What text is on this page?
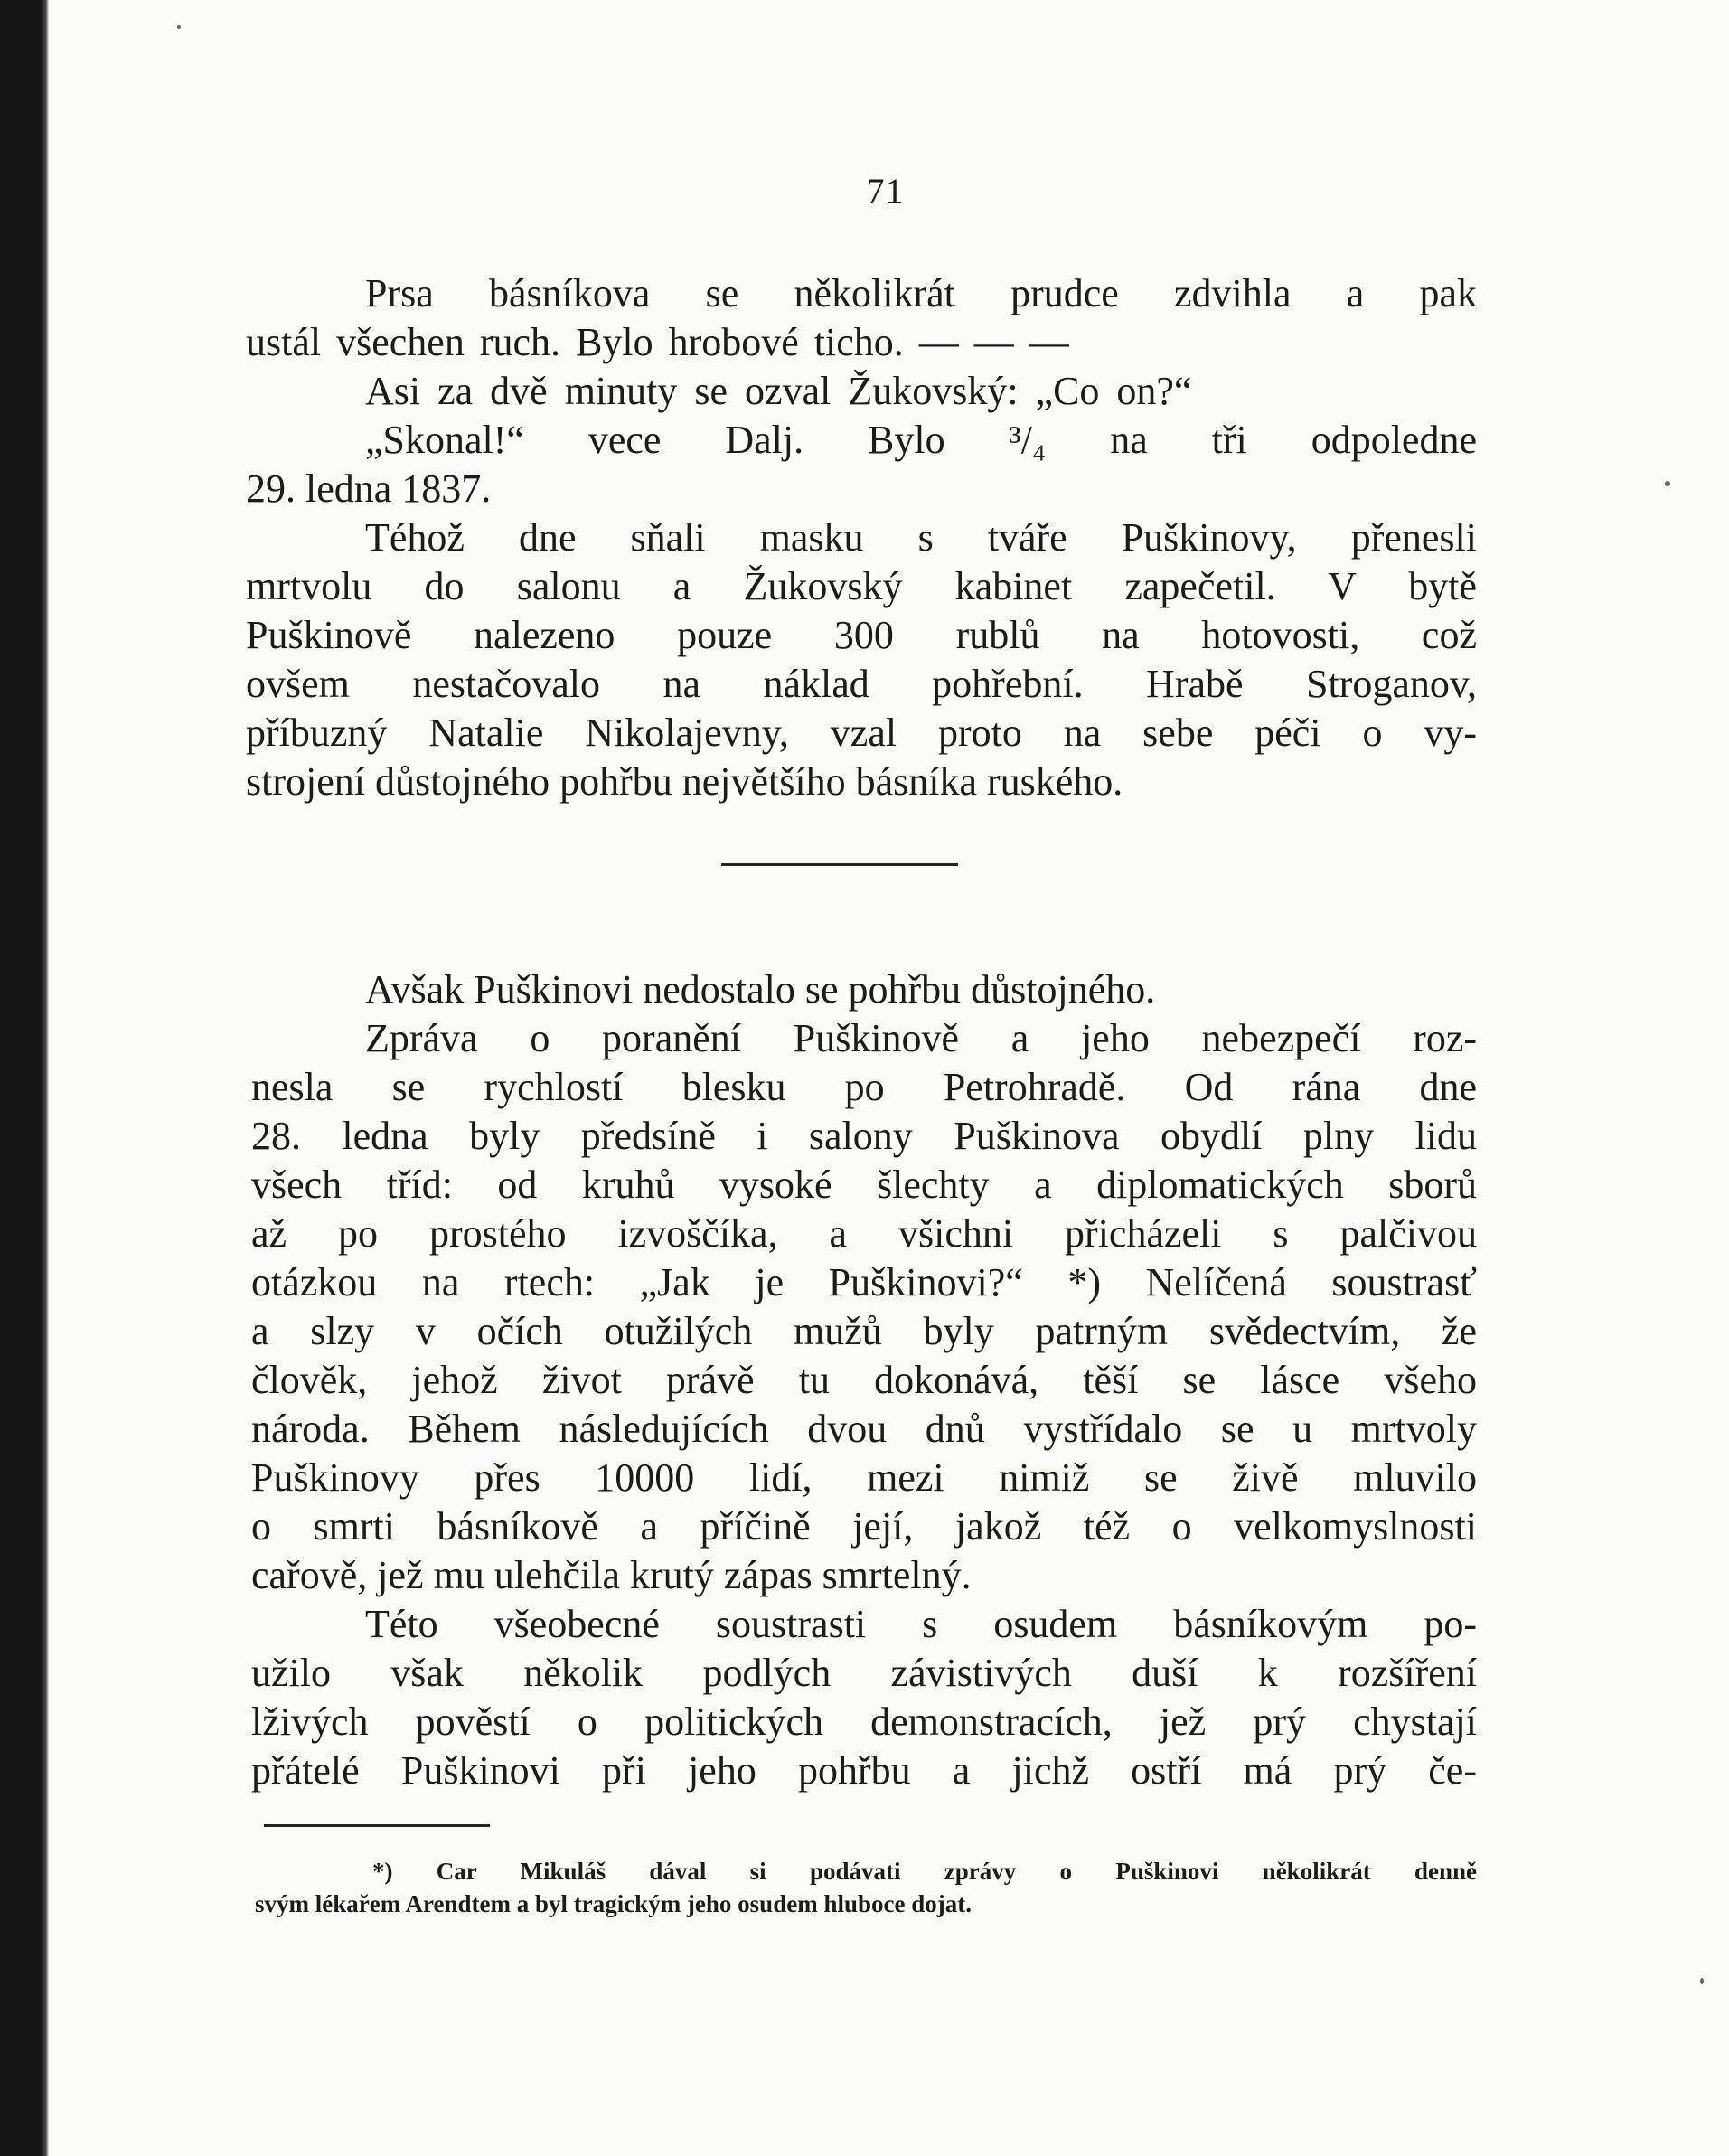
71
Prsa básníkova se několikrát prudce zdvihla a pak
ustál všechen ruch. Bylo hrobové ticho. — — —
Asi za dvě minuty se ozval Žukovský: „Co on?“
„Skonal!“ vece Dalj. Bylo ³/₄ na tři odpoledne
29. ledna 1837.
Téhož dne sňali masku s tváře Puškinovy, přenesli
mrtvolu do salonu a Žukovský kabinet zapečetil. V bytě
Puškinově nalezeno pouze 300 rublů na hotovosti, což
ovšem nestačovalo na náklad pohřební. Hrabě Stroganov,
příbuzný Natalie Nikolajevny, vzal proto na sebe péči o vy-
strojení důstojného pohřbu největšího básníka ruského.
Avšak Puškinovi nedostalo se pohřbu důstojného.
Zpráva o poranění Puškinově a jeho nebezpečí roz-
nesla se rychlostí blesku po Petrohradě. Od rána dne
28. ledna byly předsíně i salony Puškinova obydlí plny lidu
všech tříd: od kruhů vysoké šlechty a diplomatických sborů
až po prostého izvoščíka, a všichni přicházeli s palčivou
otázkou na rtech: „Jak je Puškinovi?“ *) Nelíčená soustrasť
a slzy v očích otužilých mužů byly patrným svědectvím, že
člověk, jehož život právě tu dokonává, těší se lásce všeho
národa. Během následujících dvou dnů vystřídalo se u mrtvoly
Puškinovy přes 10000 lidí, mezi nimiž se živě mluvilo
o smrti básníkově a příčině její, jakož též o velkomyslnosti
cařově, jež mu ulehčila krutý zápas smrtelný.
Této všeobecné soustrasti s osudem básníkovým po-
užilo však několik podlých závistivých duší k rozšíření
lživých pověstí o politických demonstracích, jež prý chystají
přátelé Puškinovi při jeho pohřbu a jichž ostří má prý če-
*) Car Mikuláš dával si podávati zprávy o Puškinovi několikrát denně
svým lékařem Arendtem a byl tragickým jeho osudem hluboce dojat.
